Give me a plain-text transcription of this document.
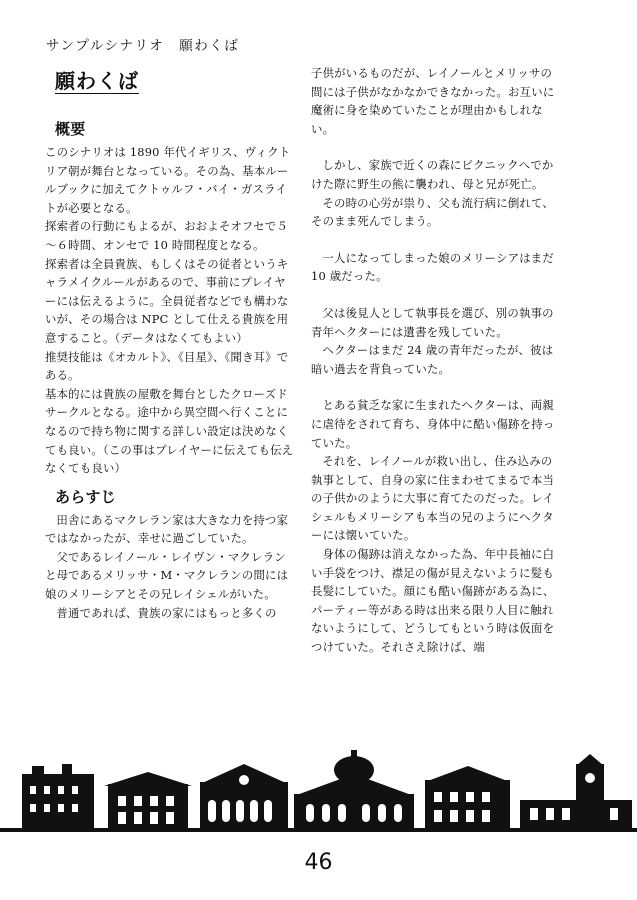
サンプルシナリオ　願わくば
願わくば
概要

このシナリオは 1890 年代イギリス、ヴィクトリア朝が舞台となっている。その為、基本ルールブックに加えてクトゥルフ・バイ・ガスライトが必要となる。

探索者の行動にもよるが、おおよそオフセで５～６時間、オンセで 10 時間程度となる。

探索者は全員貴族、もしくはその従者というキャラメイクルールがあるので、事前にプレイヤーには伝えるように。全員従者などでも構わないが、その場合は NPC として仕える貴族を用意すること。（データはなくてもよい）

推奨技能は《オカルト》、《目星》、《聞き耳》である。

基本的には貴族の屋敷を舞台としたクローズドサークルとなる。途中から異空間へ行くことになるので持ち物に関する詳しい設定は決めなくても良い。（この事はプレイヤーに伝えても伝えなくても良い）

あらすじ

田舎にあるマクレラン家は大きな力を持つ家ではなかったが、幸せに過ごしていた。

父であるレイノール・レイヴン・マクレランと母であるメリッサ・M・マクレランの間には娘のメリーシアとその兄レイシェルがいた。

普通であれば、貴族の家にはもっと多くの

子供がいるものだが、レイノールとメリッサの間には子供がなかなかできなかった。お互いに魔術に身を染めていたことが理由かもしれない。

しかし、家族で近くの森にピクニックへでかけた際に野生の熊に襲われ、母と兄が死亡。

その時の心労が祟り、父も流行病に倒れて、そのまま死んでしまう。

一人になってしまった娘のメリーシアはまだ 10 歳だった。

父は後見人として執事長を選び、別の執事の青年ヘクターには遺書を残していた。

ヘクターはまだ 24 歳の青年だったが、彼は暗い過去を背負っていた。

とある貧乏な家に生まれたヘクターは、両親に虐待をされて育ち、身体中に酷い傷跡を持っていた。

それを、レイノールが救い出し、住み込みの執事として、自身の家に住まわせてまるで本当の子供かのように大事に育てたのだった。レイシェルもメリーシアも本当の兄のようにヘクターには懐いていた。

身体の傷跡は消えなかった為、年中長袖に白い手袋をつけ、襟足の傷が見えないように髪も長髪にしていた。顔にも酷い傷跡がある為に、パーティー等がある時は出来る限り人目に触れないようにして、どうしてもという時は仮面をつけていた。それさえ除けば、端

46
